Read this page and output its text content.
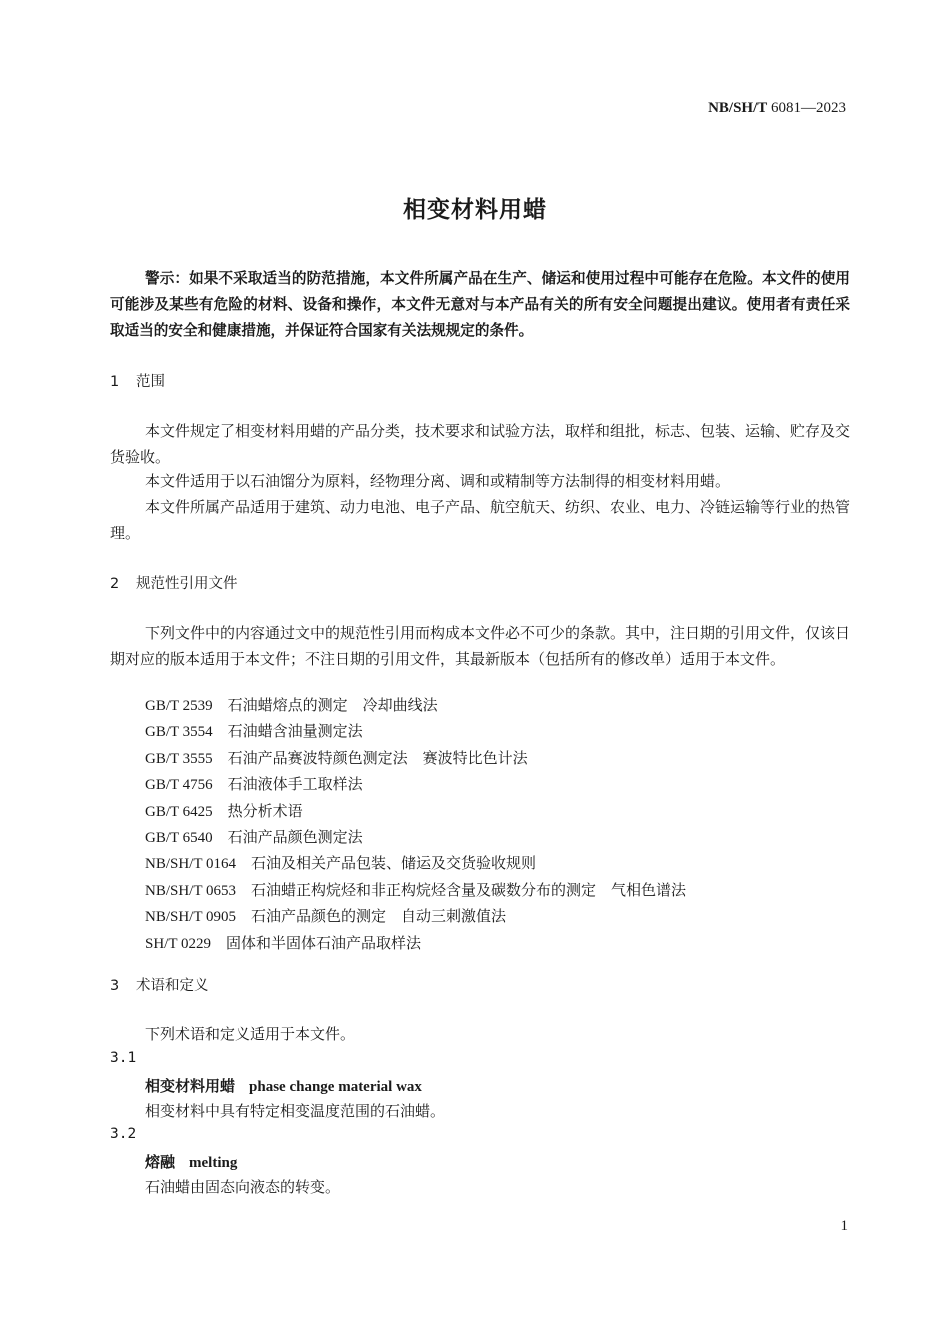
NB/SH/T 6081—2023
相变材料用蜡

警示：如果不采取适当的防范措施，本文件所属产品在生产、储运和使用过程中可能存在危险。本文件的使用可能涉及某些有危险的材料、设备和操作，本文件无意对与本产品有关的所有安全问题提出建议。使用者有责任采取适当的安全和健康措施，并保证符合国家有关法规规定的条件。

1 范围

本文件规定了相变材料用蜡的产品分类，技术要求和试验方法，取样和组批，标志、包装、运输、贮存及交货验收。

本文件适用于以石油馏分为原料，经物理分离、调和或精制等方法制得的相变材料用蜡。

本文件所属产品适用于建筑、动力电池、电子产品、航空航天、纺织、农业、电力、冷链运输等行业的热管理。

2 规范性引用文件

下列文件中的内容通过文中的规范性引用而构成本文件必不可少的条款。其中，注日期的引用文件，仅该日期对应的版本适用于本文件；不注日期的引用文件，其最新版本（包括所有的修改单）适用于本文件。

GB/T 2539　 石油蜡熔点的测定　冷却曲线法
GB/T 3554　 石油蜡含油量测定法
GB/T 3555　 石油产品赛波特颜色测定法　赛波特比色计法
GB/T 4756　 石油液体手工取样法
GB/T 6425　 热分析术语
GB/T 6540　 石油产品颜色测定法
NB/SH/T 0164　 石油及相关产品包装、储运及交货验收规则
NB/SH/T 0653　 石油蜡正构烷烃和非正构烷烃含量及碳数分布的测定　气相色谱法
NB/SH/T 0905　 石油产品颜色的测定　自动三刺激值法
SH/T 0229　 固体和半固体石油产品取样法
3 术语和定义

下列术语和定义适用于本文件。

3.1
相变材料用蜡 phase change material wax
相变材料中具有特定相变温度范围的石油蜡。
3.2
熔融 melting
石油蜡由固态向液态的转变。
1
